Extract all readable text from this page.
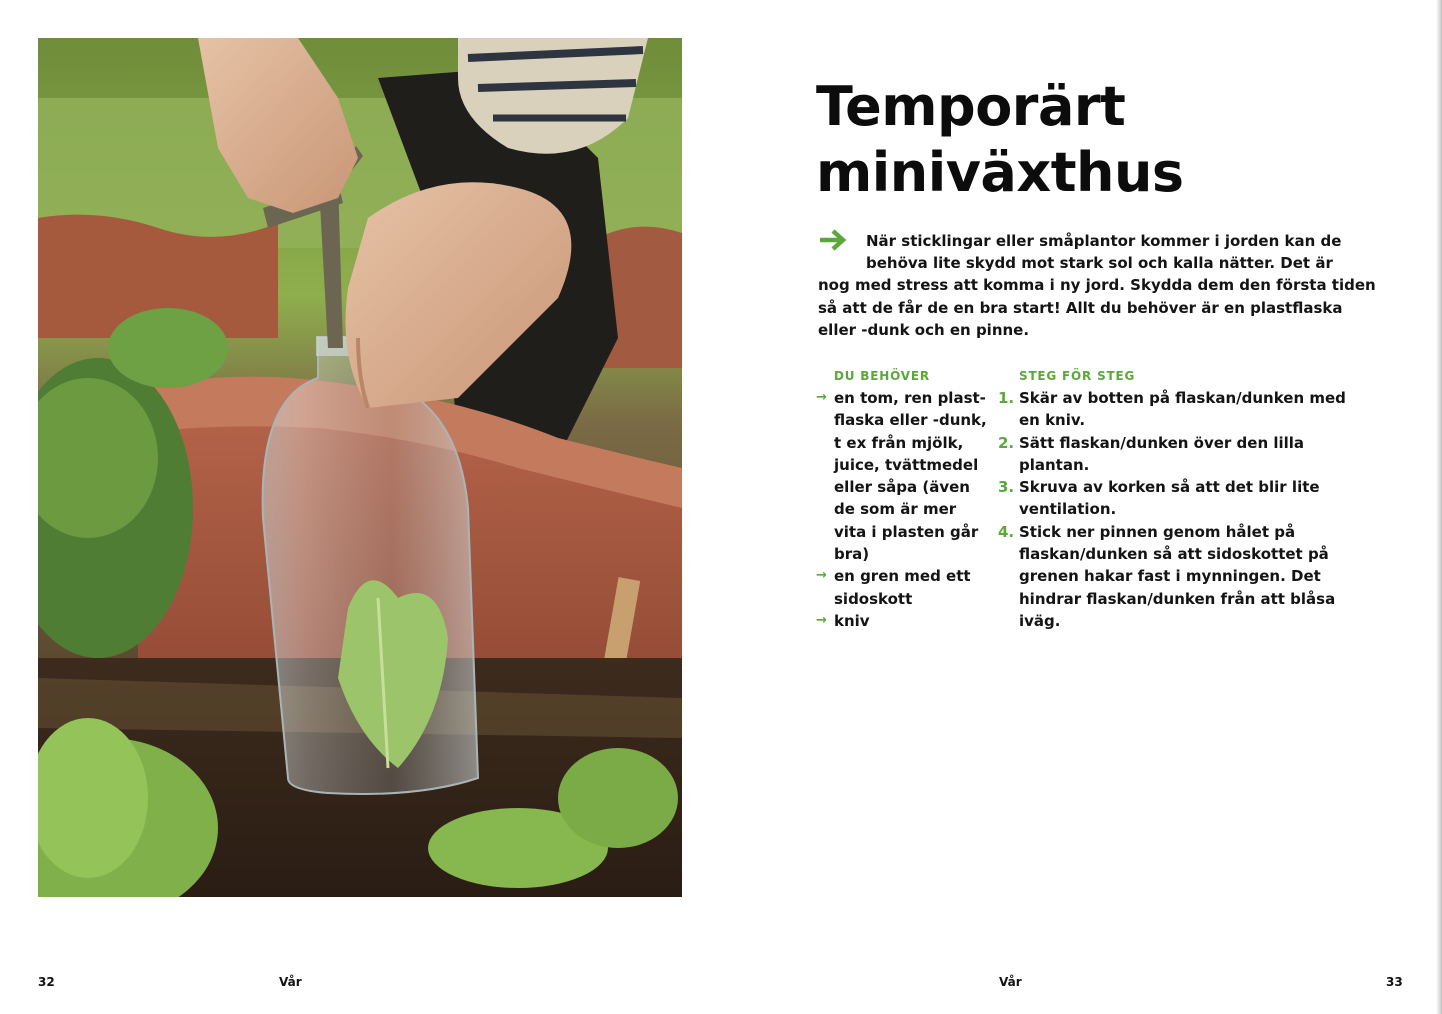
Temporärt
miniväxthus
När sticklingar eller småplantor kommer i jorden kan de
behöva lite skydd mot stark sol och kalla nätter. Det är
nog med stress att komma i ny jord. Skydda dem den första tiden
så att de får de en bra start! Allt du behöver är en plastflaska
eller -dunk och en pinne.
DU BEHÖVER
→ en tom, ren plast-
flaska eller -dunk,
t ex från mjölk,
juice, tvättmedel
eller såpa (även
de som är mer
vita i plasten går
bra)
→ en gren med ett
sidoskott
→ kniv
STEG FÖR STEG
1. Skär av botten på flaskan/dunken med
en kniv.
2. Sätt flaskan/dunken över den lilla
plantan.
3. Skruva av korken så att det blir lite
ventilation.
4. Stick ner pinnen genom hålet på
flaskan/dunken så att sidoskottet på
grenen hakar fast i mynningen. Det
hindrar flaskan/dunken från att blåsa
iväg.
32	Vår	Vår	33
